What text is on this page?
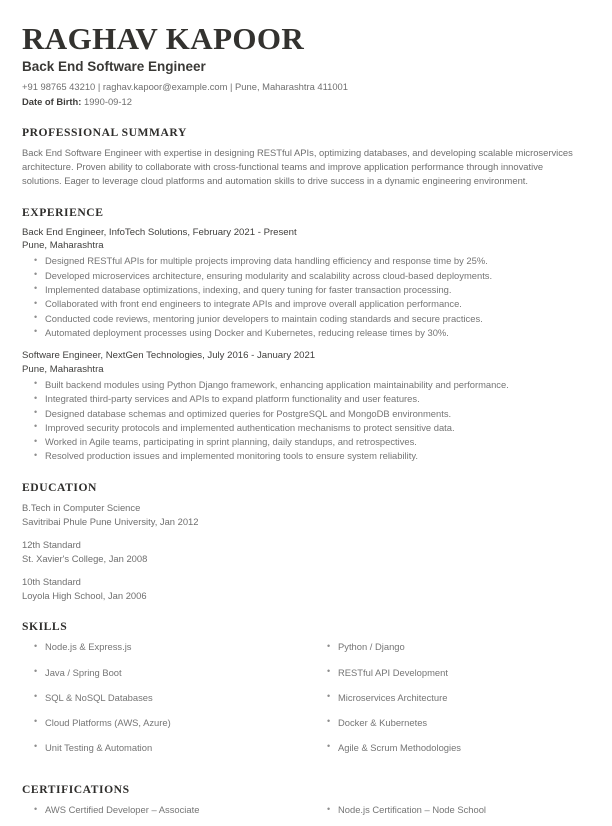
RAGHAV KAPOOR
Back End Software Engineer
+91 98765 43210 | raghav.kapoor@example.com | Pune, Maharashtra 411001
Date of Birth: 1990-09-12
PROFESSIONAL SUMMARY

Back End Software Engineer with expertise in designing RESTful APIs, optimizing databases, and developing scalable microservices architecture. Proven ability to collaborate with cross-functional teams and improve application performance through innovative solutions. Eager to leverage cloud platforms and automation skills to drive success in a dynamic engineering environment.

EXPERIENCE
Back End Engineer, InfoTech Solutions, February 2021 - Present
Pune, Maharashtra
• Designed RESTful APIs for multiple projects improving data handling efficiency and response time by 25%.
• Developed microservices architecture, ensuring modularity and scalability across cloud-based deployments.
• Implemented database optimizations, indexing, and query tuning for faster transaction processing.
• Collaborated with front end engineers to integrate APIs and improve overall application performance.
• Conducted code reviews, mentoring junior developers to maintain coding standards and secure practices.
• Automated deployment processes using Docker and Kubernetes, reducing release times by 30%.
Software Engineer, NextGen Technologies, July 2016 - January 2021
Pune, Maharashtra
• Built backend modules using Python Django framework, enhancing application maintainability and performance.
• Integrated third-party services and APIs to expand platform functionality and user features.
• Designed database schemas and optimized queries for PostgreSQL and MongoDB environments.
• Improved security protocols and implemented authentication mechanisms to protect sensitive data.
• Worked in Agile teams, participating in sprint planning, daily standups, and retrospectives.
• Resolved production issues and implemented monitoring tools to ensure system reliability.
EDUCATION
B.Tech in Computer Science
Savitribai Phule Pune University, Jan 2012
12th Standard
St. Xavier's College, Jan 2008
10th Standard
Loyola High School, Jan 2006
SKILLS
• Node.js & Express.js
• Java / Spring Boot
• SQL & NoSQL Databases
• Cloud Platforms (AWS, Azure)
• Unit Testing & Automation
• Python / Django
• RESTful API Development
• Microservices Architecture
• Docker & Kubernetes
• Agile & Scrum Methodologies
CERTIFICATIONS
• AWS Certified Developer – Associate	• Node.js Certification – Node School
